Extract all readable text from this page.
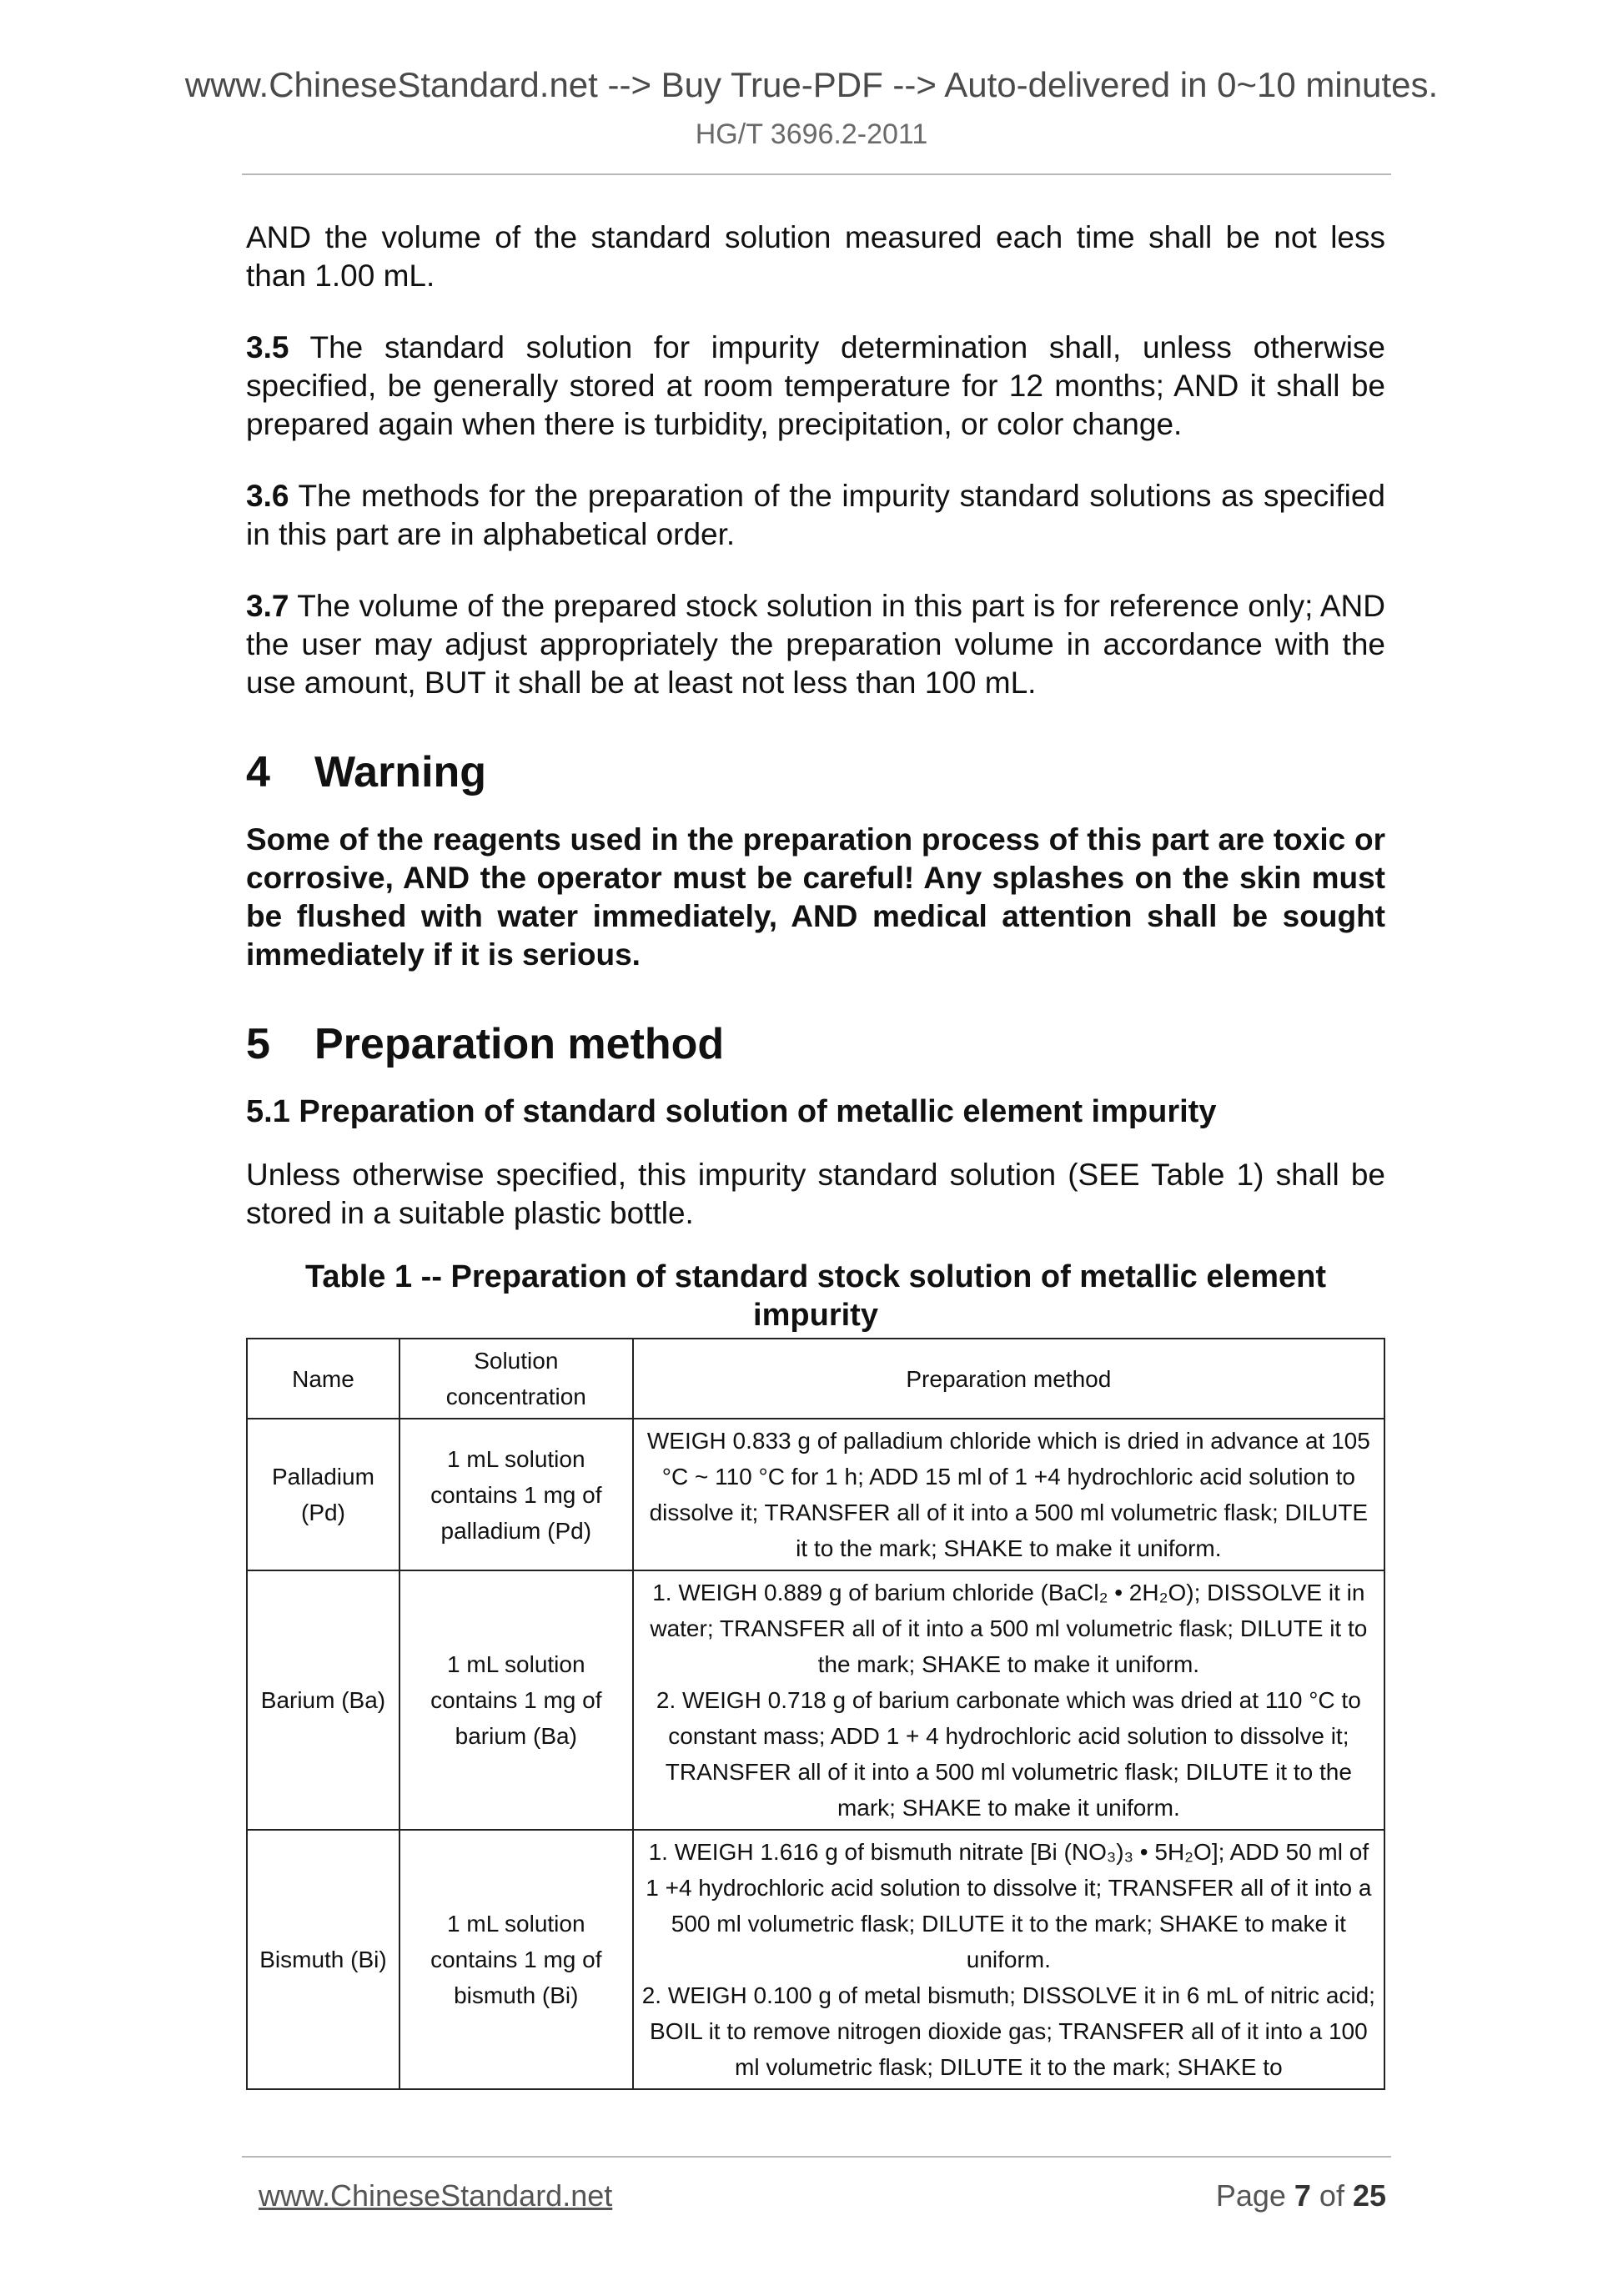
www.ChineseStandard.net --> Buy True-PDF --> Auto-delivered in 0~10 minutes.
HG/T 3696.2-2011

AND the volume of the standard solution measured each time shall be not less than 1.00 mL.

3.5 The standard solution for impurity determination shall, unless otherwise specified, be generally stored at room temperature for 12 months; AND it shall be prepared again when there is turbidity, precipitation, or color change.

3.6 The methods for the preparation of the impurity standard solutions as specified in this part are in alphabetical order.

3.7 The volume of the prepared stock solution in this part is for reference only; AND the user may adjust appropriately the preparation volume in accordance with the use amount, BUT it shall be at least not less than 100 mL.

4 Warning

Some of the reagents used in the preparation process of this part are toxic or corrosive, AND the operator must be careful! Any splashes on the skin must be flushed with water immediately, AND medical attention shall be sought immediately if it is serious.

5 Preparation method
5.1 Preparation of standard solution of metallic element impurity

Unless otherwise specified, this impurity standard solution (SEE Table 1) shall be stored in a suitable plastic bottle.

Table 1 -- Preparation of standard stock solution of metallic element impurity
Name	Solution concentration	Preparation method
Palladium (Pd)	1 mL solution contains 1 mg of palladium (Pd)	WEIGH 0.833 g of palladium chloride which is dried in advance at 105 °C ~ 110 °C for 1 h; ADD 15 ml of 1 +4 hydrochloric acid solution to dissolve it; TRANSFER all of it into a 500 ml volumetric flask; DILUTE it to the mark; SHAKE to make it uniform.

Barium (Ba)	1 mL solution contains 1 mg of barium (Ba)	1. WEIGH 0.889 g of barium chloride (BaCl₂ • 2H₂O); DISSOLVE it in water; TRANSFER all of it into a 500 ml volumetric flask; DILUTE it to the mark; SHAKE to make it uniform.
2. WEIGH 0.718 g of barium carbonate which was dried at 110 °C to constant mass; ADD 1 + 4 hydrochloric acid solution to dissolve it; TRANSFER all of it into a 500 ml volumetric flask; DILUTE it to the mark; SHAKE to make it uniform.

Bismuth (Bi)	1 mL solution contains 1 mg of bismuth (Bi)	1. WEIGH 1.616 g of bismuth nitrate [Bi (NO₃)₃ • 5H₂O]; ADD 50 ml of 1 +4 hydrochloric acid solution to dissolve it; TRANSFER all of it into a 500 ml volumetric flask; DILUTE it to the mark; SHAKE to make it uniform.
2. WEIGH 0.100 g of metal bismuth; DISSOLVE it in 6 mL of nitric acid; BOIL it to remove nitrogen dioxide gas; TRANSFER all of it into a 100 ml volumetric flask; DILUTE it to the mark; SHAKE to
www.ChineseStandard.net	Page 7 of 25
